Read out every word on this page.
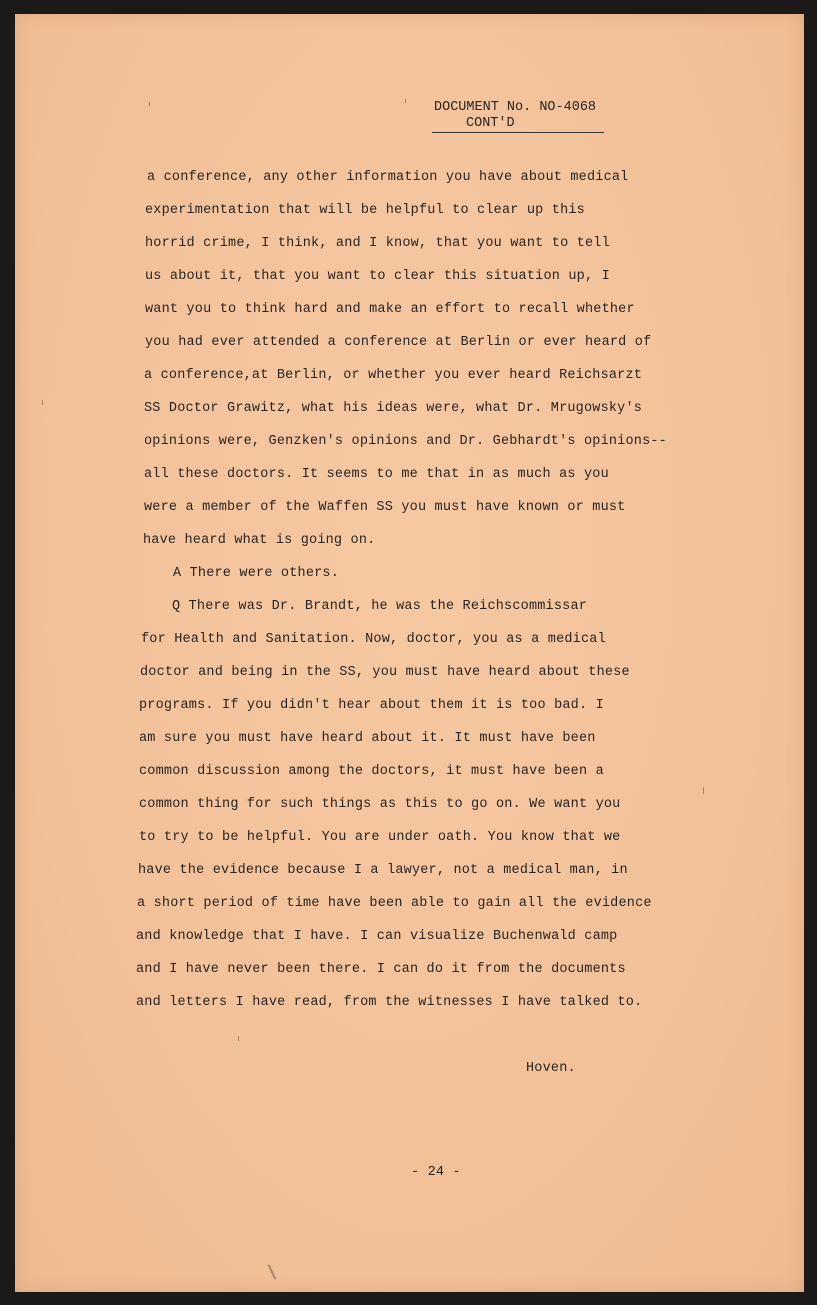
DOCUMENT No. NO-4068
CONT'D
a conference, any other information you have about medical
experimentation that will be helpful to clear up this
horrid crime, I think, and I know, that you want to tell
us about it, that you want to clear this situation up, I
want you to think hard and make an effort to recall whether
you had ever attended a conference at Berlin or ever heard of
a conference,at Berlin, or whether you ever heard Reichsarzt
SS Doctor Grawitz, what his ideas were, what Dr. Mrugowsky's
opinions were, Genzken's opinions and Dr. Gebhardt's opinions--
all these doctors. It seems to me that in as much as you
were a member of the Waffen SS you must have known or must
have heard what is going on.
A There were others.
Q There was Dr. Brandt, he was the Reichscommissar
for Health and Sanitation. Now, doctor, you as a medical
doctor and being in the SS, you must have heard about these
programs. If you didn't hear about them it is too bad. I
am sure you must have heard about it. It must have been
common discussion among the doctors, it must have been a
common thing for such things as this to go on. We want you
to try to be helpful. You are under oath. You know that we
have the evidence because I a lawyer, not a medical man, in
a short period of time have been able to gain all the evidence
and knowledge that I have. I can visualize Buchenwald camp
and I have never been there. I can do it from the documents
and letters I have read, from the witnesses I have talked to.
Hoven.
- 24 -
